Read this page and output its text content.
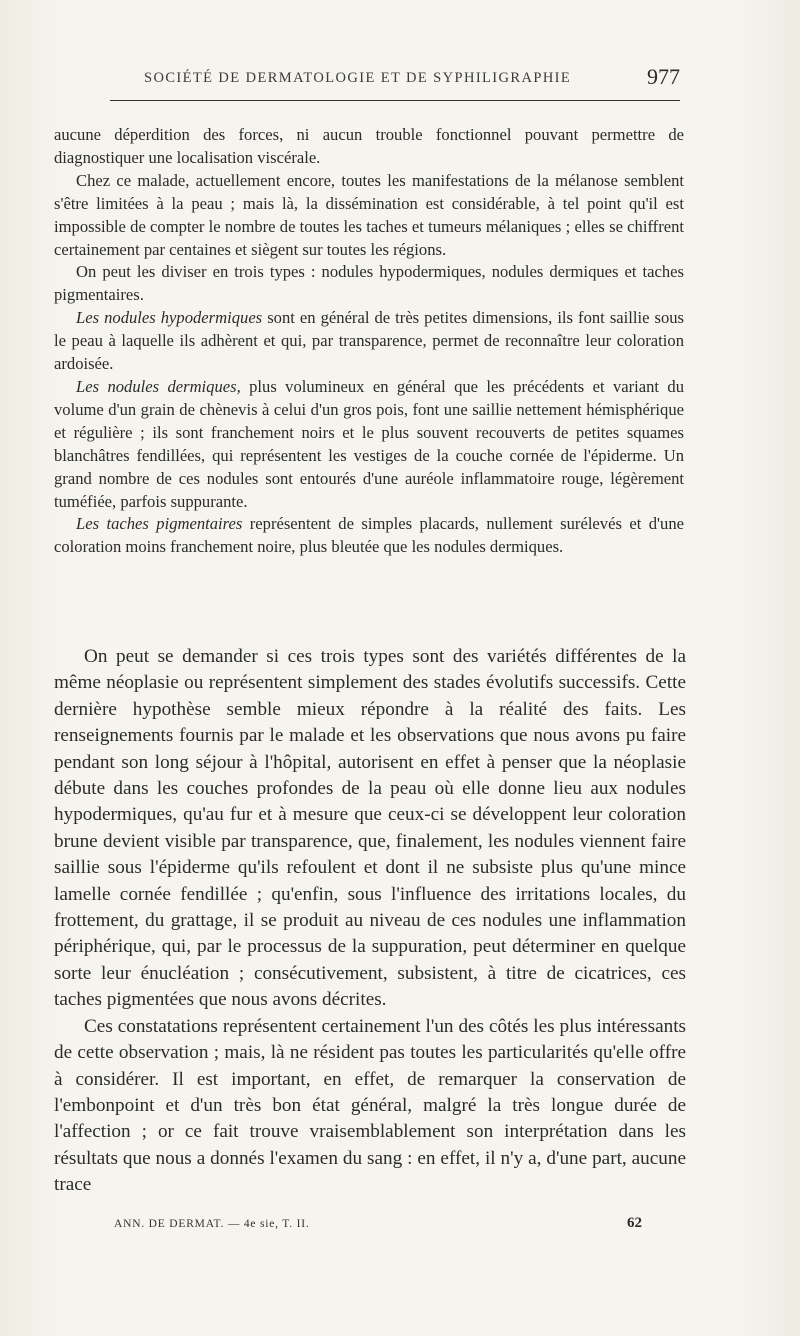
SOCIÉTÉ DE DERMATOLOGIE ET DE SYPHILIGRAPHIE	977

aucune déperdition des forces, ni aucun trouble fonctionnel pouvant permettre de diagnostiquer une localisation viscérale.

Chez ce malade, actuellement encore, toutes les manifestations de la mélanose semblent s'être limitées à la peau ; mais là, la dissémination est considérable, à tel point qu'il est impossible de compter le nombre de toutes les taches et tumeurs mélaniques ; elles se chiffrent certainement par centaines et siègent sur toutes les régions.

On peut les diviser en trois types : nodules hypodermiques, nodules dermiques et taches pigmentaires.

Les nodules hypodermiques sont en général de très petites dimensions, ils font saillie sous le peau à laquelle ils adhèrent et qui, par transparence, permet de reconnaître leur coloration ardoisée.

Les nodules dermiques, plus volumineux en général que les précédents et variant du volume d'un grain de chènevis à celui d'un gros pois, font une saillie nettement hémisphérique et régulière ; ils sont franchement noirs et le plus souvent recouverts de petites squames blanchâtres fendillées, qui représentent les vestiges de la couche cornée de l'épiderme. Un grand nombre de ces nodules sont entourés d'une auréole inflammatoire rouge, légèrement tuméfiée, parfois suppurante.

Les taches pigmentaires représentent de simples placards, nullement surélevés et d'une coloration moins franchement noire, plus bleutée que les nodules dermiques.

On peut se demander si ces trois types sont des variétés différentes de la même néoplasie ou représentent simplement des stades évolutifs successifs. Cette dernière hypothèse semble mieux répondre à la réalité des faits. Les renseignements fournis par le malade et les observations que nous avons pu faire pendant son long séjour à l'hôpital, autorisent en effet à penser que la néoplasie débute dans les couches profondes de la peau où elle donne lieu aux nodules hypodermiques, qu'au fur et à mesure que ceux-ci se développent leur coloration brune devient visible par transparence, que, finalement, les nodules viennent faire saillie sous l'épiderme qu'ils refoulent et dont il ne subsiste plus qu'une mince lamelle cornée fendillée ; qu'enfin, sous l'influence des irritations locales, du frottement, du grattage, il se produit au niveau de ces nodules une inflammation périphérique, qui, par le processus de la suppuration, peut déterminer en quelque sorte leur énucléation ; consécutivement, subsistent, à titre de cicatrices, ces taches pigmentées que nous avons décrites.

Ces constatations représentent certainement l'un des côtés les plus intéressants de cette observation ; mais, là ne résident pas toutes les particularités qu'elle offre à considérer. Il est important, en effet, de remarquer la conservation de l'embonpoint et d'un très bon état général, malgré la très longue durée de l'affection ; or ce fait trouve vraisemblablement son interprétation dans les résultats que nous a donnés l'examen du sang : en effet, il n'y a, d'une part, aucune trace

ANN. DE DERMAT. — 4e sie, T. II.	62
